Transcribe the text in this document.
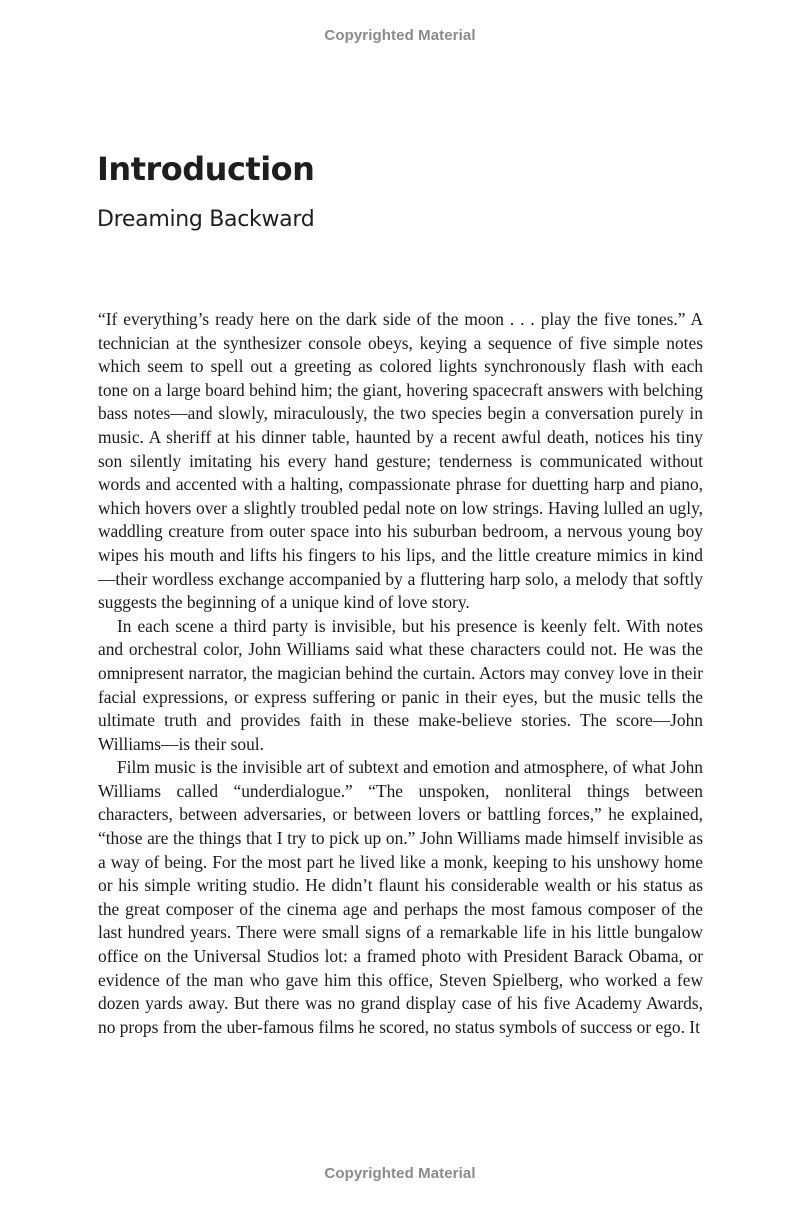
Copyrighted Material
Introduction
Dreaming Backward

“If everything’s ready here on the dark side of the moon . . . play the five tones.” A technician at the synthesizer console obeys, keying a sequence of five simple notes which seem to spell out a greeting as colored lights synchronously flash with each tone on a large board behind him; the giant, hovering spacecraft answers with belching bass notes—and slowly, miraculously, the two species begin a conversation purely in music. A sheriff at his dinner table, haunted by a recent awful death, notices his tiny son silently imitating his every hand gesture; tenderness is communicated without words and accented with a halting, compassionate phrase for duetting harp and piano, which hovers over a slightly troubled pedal note on low strings. Having lulled an ugly, waddling creature from outer space into his suburban bedroom, a nervous young boy wipes his mouth and lifts his fingers to his lips, and the little creature mimics in kind—their wordless exchange accompanied by a fluttering harp solo, a melody that softly suggests the beginning of a unique kind of love story.

In each scene a third party is invisible, but his presence is keenly felt. With notes and orchestral color, John Williams said what these characters could not. He was the omnipresent narrator, the magician behind the curtain. Actors may convey love in their facial expressions, or express suffering or panic in their eyes, but the music tells the ultimate truth and provides faith in these make-believe stories. The score—John Williams—is their soul.

Film music is the invisible art of subtext and emotion and atmosphere, of what John Williams called “underdialogue.” “The unspoken, nonliteral things between characters, between adversaries, or between lovers or battling forces,” he explained, “those are the things that I try to pick up on.” John Williams made himself invisible as a way of being. For the most part he lived like a monk, keeping to his unshowy home or his simple writing studio. He didn’t flaunt his considerable wealth or his status as the great composer of the cinema age and perhaps the most famous composer of the last hundred years. There were small signs of a remarkable life in his little bungalow office on the Universal Studios lot: a framed photo with President Barack Obama, or evidence of the man who gave him this office, Steven Spielberg, who worked a few dozen yards away. But there was no grand display case of his five Academy Awards, no props from the uber-famous films he scored, no status symbols of success or ego. It

Copyrighted Material
